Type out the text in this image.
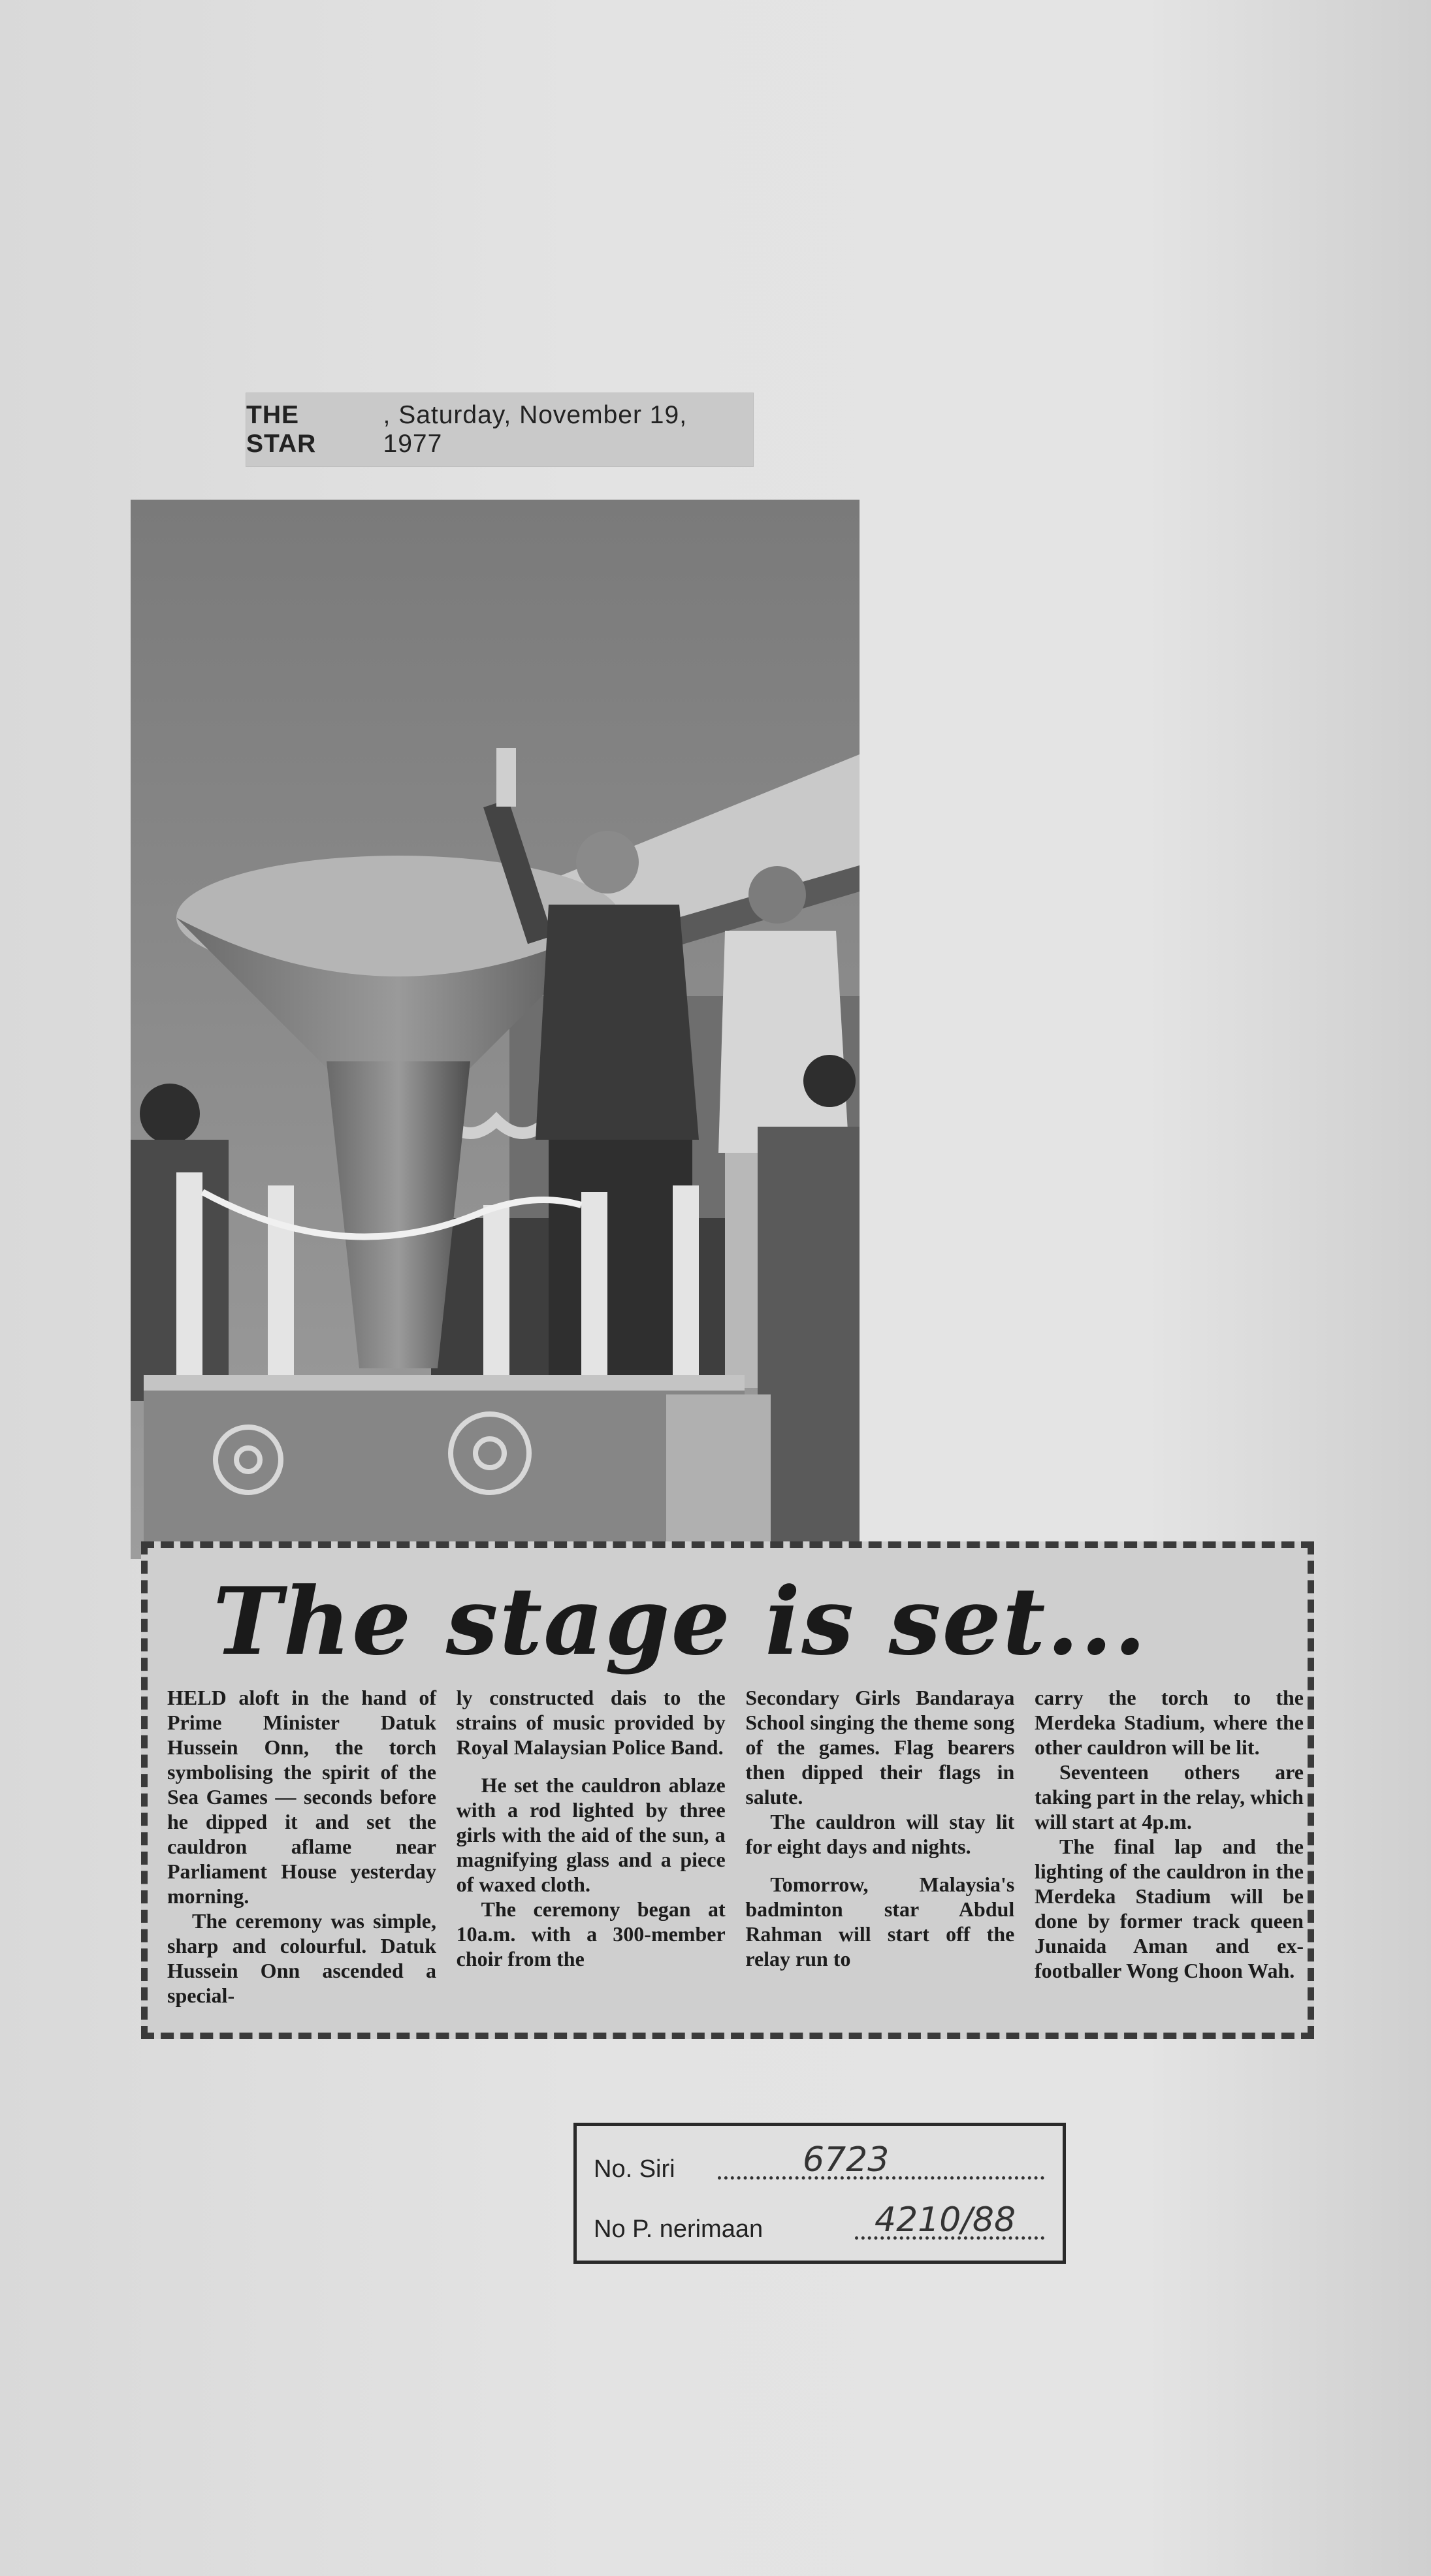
THE STAR
, Saturday, November 19, 1977
The stage is set...

HELD aloft in the hand of Prime Minister Datuk Hussein Onn, the torch symbolising the spirit of the Sea Games — seconds before he dipped it and set the cauldron aflame near Parliament House yesterday morning.

The ceremony was simple, sharp and colourful. Datuk Hussein Onn ascended a special-

ly constructed dais to the strains of music provided by Royal Malaysian Police Band.

He set the cauldron ablaze with a rod lighted by three girls with the aid of the sun, a magnifying glass and a piece of waxed cloth.

The ceremony began at 10a.m. with a 300-member choir from the

Secondary Girls Bandaraya School singing the theme song of the games. Flag bearers then dipped their flags in salute.

The cauldron will stay lit for eight days and nights.

Tomorrow, Malaysia's badminton star Abdul Rahman will start off the relay run to

carry the torch to the Merdeka Stadium, where the other cauldron will be lit.

Seventeen others are taking part in the relay, which will start at 4p.m.

The final lap and the lighting of the cauldron in the Merdeka Stadium will be done by former track queen Junaida Aman and ex-footballer Wong Choon Wah.

No. Siri	6723
No P. nerimaan	4210/88
